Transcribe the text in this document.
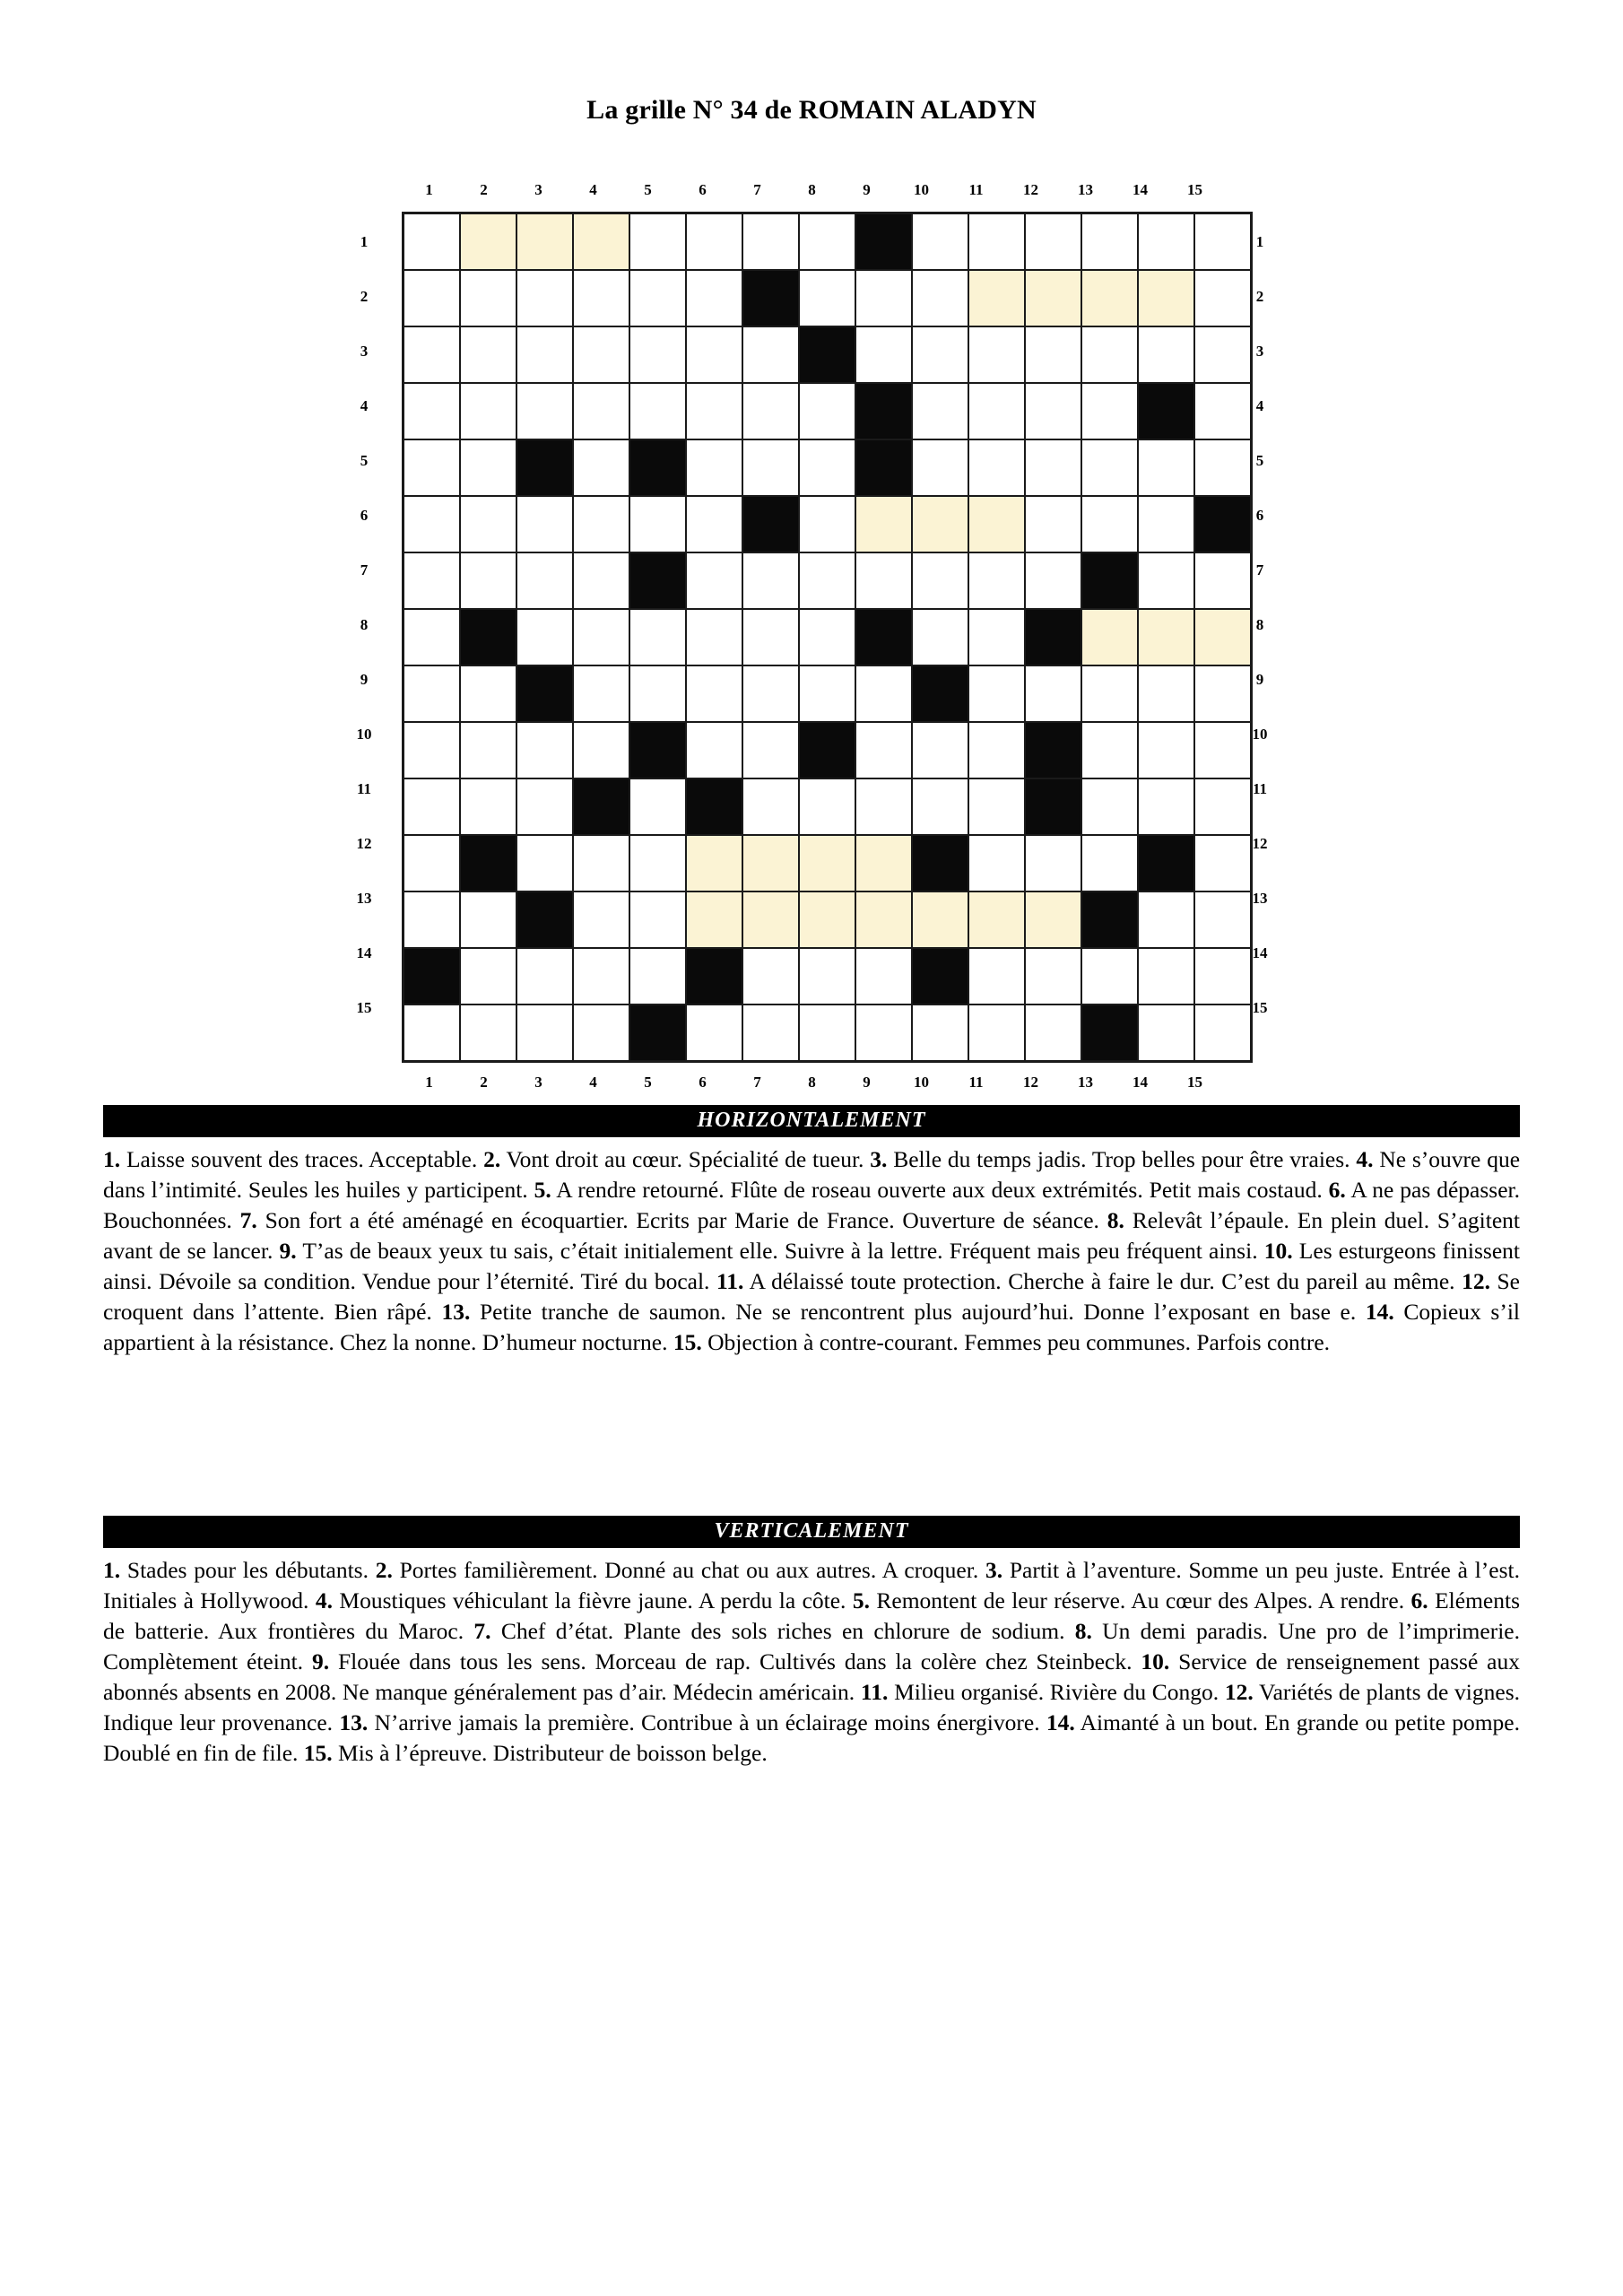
La grille N° 34 de ROMAIN ALADYN
1	2	3	4	5	6	7	8	9	10	11	12	13	14	15

1
2
3
4
5
6
7
8
9
10
11
12
13
14
15
1
2
3
4
5
6
7
8
9
10
11
12
13
14
15
1	2	3	4	5	6	7	8	9	10	11	12	13	14	15
HORIZONTALEMENT
1. Laisse souvent des traces. Acceptable. 2. Vont droit au cœur. Spécialité de tueur. 3. Belle du temps jadis. Trop belles pour être vraies. 4. Ne s’ouvre que dans l’intimité. Seules les huiles y participent. 5. A rendre retourné. Flûte de roseau ouverte aux deux extrémités. Petit mais costaud. 6. A ne pas dépasser. Bouchonnées. 7. Son fort a été aménagé en écoquartier. Ecrits par Marie de France. Ouverture de séance. 8. Relevât l’épaule. En plein duel. S’agitent avant de se lancer. 9. T’as de beaux yeux tu sais, c’était initialement elle. Suivre à la lettre. Fréquent mais peu fréquent ainsi. 10. Les esturgeons finissent ainsi. Dévoile sa condition. Vendue pour l’éternité. Tiré du bocal. 11. A délaissé toute protection. Cherche à faire le dur. C’est du pareil au même. 12. Se croquent dans l’attente. Bien râpé. 13. Petite tranche de saumon. Ne se rencontrent plus aujourd’hui. Donne l’exposant en base e. 14. Copieux s’il appartient à la résistance. Chez la nonne. D’humeur nocturne. 15. Objection à contre-courant. Femmes peu communes. Parfois contre.
VERTICALEMENT
1. Stades pour les débutants. 2. Portes familièrement. Donné au chat ou aux autres. A croquer. 3. Partit à l’aventure. Somme un peu juste. Entrée à l’est. Initiales à Hollywood. 4. Moustiques véhiculant la fièvre jaune. A perdu la côte. 5. Remontent de leur réserve. Au cœur des Alpes. A rendre. 6. Eléments de batterie. Aux frontières du Maroc. 7. Chef d’état. Plante des sols riches en chlorure de sodium. 8. Un demi paradis. Une pro de l’imprimerie. Complètement éteint. 9. Flouée dans tous les sens. Morceau de rap. Cultivés dans la colère chez Steinbeck. 10. Service de renseignement passé aux abonnés absents en 2008. Ne manque généralement pas d’air. Médecin américain. 11. Milieu organisé. Rivière du Congo. 12. Variétés de plants de vignes. Indique leur provenance. 13. N’arrive jamais la première. Contribue à un éclairage moins énergivore. 14. Aimanté à un bout. En grande ou petite pompe. Doublé en fin de file. 15. Mis à l’épreuve. Distributeur de boisson belge.
